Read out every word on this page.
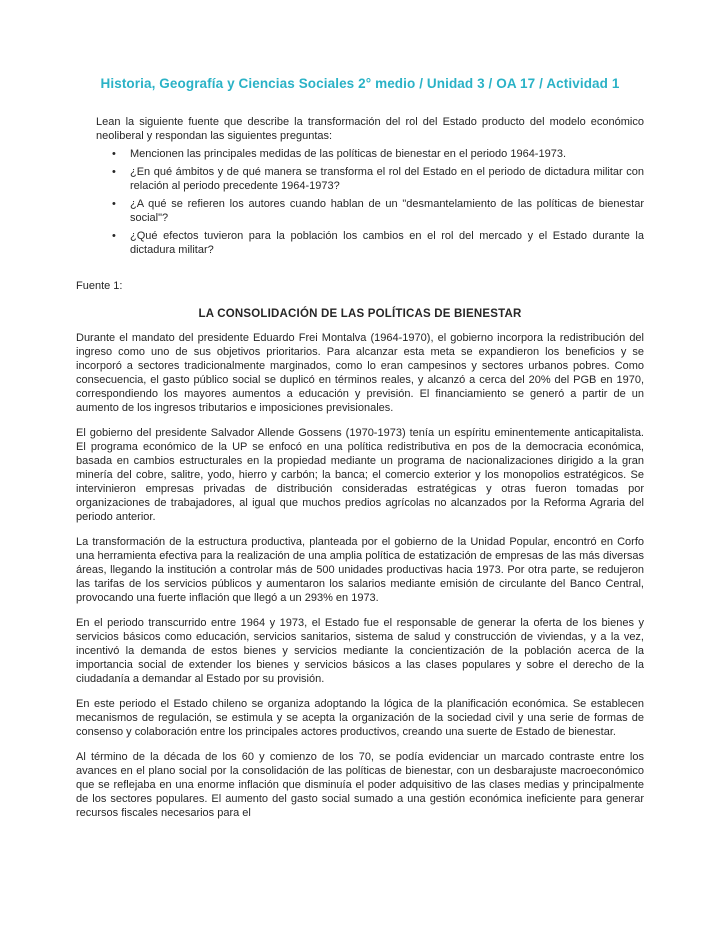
Historia, Geografía y Ciencias Sociales 2° medio / Unidad 3 / OA 17 / Actividad 1

Lean la siguiente fuente que describe la transformación del rol del Estado producto del modelo económico neoliberal y respondan las siguientes preguntas:

•	Mencionen las principales medidas de las políticas de bienestar en el periodo 1964-1973.
•	¿En qué ámbitos y de qué manera se transforma el rol del Estado en el periodo de dictadura militar con relación al periodo precedente 1964-1973?
•	¿A qué se refieren los autores cuando hablan de un "desmantelamiento de las políticas de bienestar social"?
•	¿Qué efectos tuvieron para la población los cambios en el rol del mercado y el Estado durante la dictadura militar?

Fuente 1:

LA CONSOLIDACIÓN DE LAS POLÍTICAS DE BIENESTAR

Durante el mandato del presidente Eduardo Frei Montalva (1964-1970), el gobierno incorpora la redistribución del ingreso como uno de sus objetivos prioritarios. Para alcanzar esta meta se expandieron los beneficios y se incorporó a sectores tradicionalmente marginados, como lo eran campesinos y sectores urbanos pobres. Como consecuencia, el gasto público social se duplicó en términos reales, y alcanzó a cerca del 20% del PGB en 1970, correspondiendo los mayores aumentos a educación y previsión. El financiamiento se generó a partir de un aumento de los ingresos tributarios e imposiciones previsionales.

El gobierno del presidente Salvador Allende Gossens (1970-1973) tenía un espíritu eminentemente anticapitalista. El programa económico de la UP se enfocó en una política redistributiva en pos de la democracia económica, basada en cambios estructurales en la propiedad mediante un programa de nacionalizaciones dirigido a la gran minería del cobre, salitre, yodo, hierro y carbón; la banca; el comercio exterior y los monopolios estratégicos. Se intervinieron empresas privadas de distribución consideradas estratégicas y otras fueron tomadas por organizaciones de trabajadores, al igual que muchos predios agrícolas no alcanzados por la Reforma Agraria del periodo anterior.

La transformación de la estructura productiva, planteada por el gobierno de la Unidad Popular, encontró en Corfo una herramienta efectiva para la realización de una amplia política de estatización de empresas de las más diversas áreas, llegando la institución a controlar más de 500 unidades productivas hacia 1973. Por otra parte, se redujeron las tarifas de los servicios públicos y aumentaron los salarios mediante emisión de circulante del Banco Central, provocando una fuerte inflación que llegó a un 293% en 1973.

En el periodo transcurrido entre 1964 y 1973, el Estado fue el responsable de generar la oferta de los bienes y servicios básicos como educación, servicios sanitarios, sistema de salud y construcción de viviendas, y a la vez, incentivó la demanda de estos bienes y servicios mediante la concientización de la población acerca de la importancia social de extender los bienes y servicios básicos a las clases populares y sobre el derecho de la ciudadanía a demandar al Estado por su provisión.

En este periodo el Estado chileno se organiza adoptando la lógica de la planificación económica. Se establecen mecanismos de regulación, se estimula y se acepta la organización de la sociedad civil y una serie de formas de consenso y colaboración entre los principales actores productivos, creando una suerte de Estado de bienestar.

Al término de la década de los 60 y comienzo de los 70, se podía evidenciar un marcado contraste entre los avances en el plano social por la consolidación de las políticas de bienestar, con un desbarajuste macroeconómico que se reflejaba en una enorme inflación que disminuía el poder adquisitivo de las clases medias y principalmente de los sectores populares. El aumento del gasto social sumado a una gestión económica ineficiente para generar recursos fiscales necesarios para el
